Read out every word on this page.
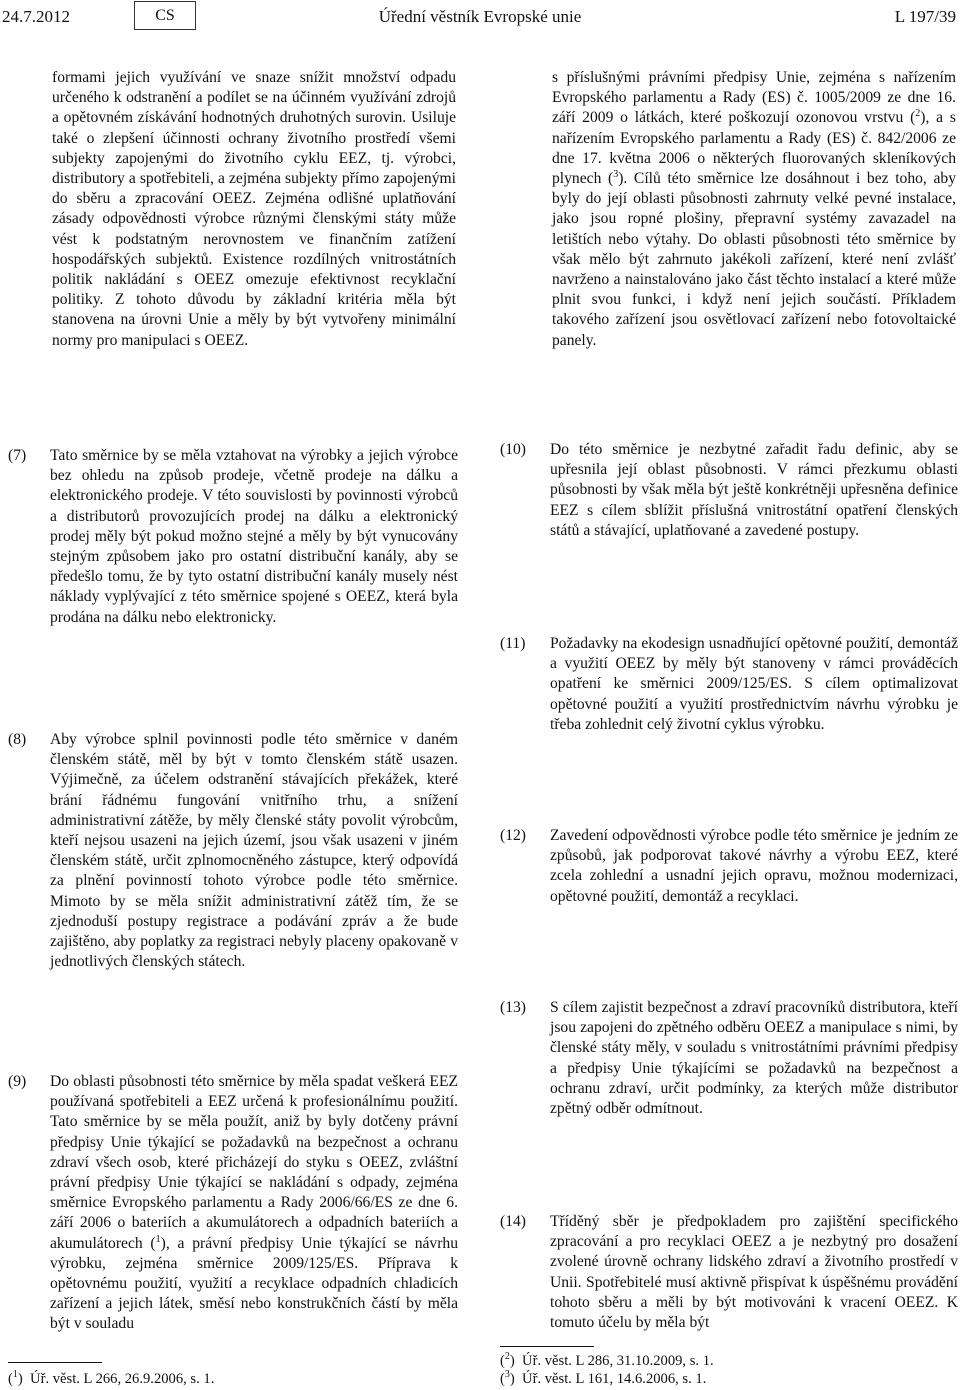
24.7.2012	CS	Úřední věstník Evropské unie	L 197/39

formami jejich využívání ve snaze snížit množství odpadu určeného k odstranění a podílet se na účinném využívání zdrojů a opětovném získávání hodnotných druhotných surovin. Usiluje také o zlepšení účinnosti ochrany životního prostředí všemi subjekty zapojenými do životního cyklu EEZ, tj. výrobci, distributory a spotřebiteli, a zejména subjekty přímo zapojenými do sběru a zpracování OEEZ. Zejména odlišné uplatňování zásady odpovědnosti výrobce různými členskými státy může vést k podstatným nerovnostem ve finančním zatížení hospodářských subjektů. Existence rozdílných vnitrostátních politik nakládání s OEEZ omezuje efektivnost recyklační politiky. Z tohoto důvodu by základní kritéria měla být stanovena na úrovni Unie a měly by být vytvořeny minimální normy pro manipulaci s OEEZ.

s příslušnými právními předpisy Unie, zejména s nařízením Evropského parlamentu a Rady (ES) č. 1005/2009 ze dne 16. září 2009 o látkách, které poškozují ozonovou vrstvu ($^2$), a s nařízením Evropského parlamentu a Rady (ES) č. 842/2006 ze dne 17. května 2006 o některých fluorovaných skleníkových plynech ($^3$). Cílů této směrnice lze dosáhnout i bez toho, aby byly do její oblasti působnosti zahrnuty velké pevné instalace, jako jsou ropné plošiny, přepravní systémy zavazadel na letištích nebo výtahy. Do oblasti působnosti této směrnice by však mělo být zahrnuto jakékoli zařízení, které není zvlášť navrženo a nainstalováno jako část těchto instalací a které může plnit svou funkci, i když není jejich součástí. Příkladem takového zařízení jsou osvětlovací zařízení nebo fotovoltaické panely.

(7) Tato směrnice by se měla vztahovat na výrobky a jejich výrobce bez ohledu na způsob prodeje, včetně prodeje na dálku a elektronického prodeje. V této souvislosti by povinnosti výrobců a distributorů provozujících prodej na dálku a elektronický prodej měly být pokud možno stejné a měly by být vynucovány stejným způsobem jako pro ostatní distribuční kanály, aby se předešlo tomu, že by tyto ostatní distribuční kanály musely nést náklady vyplývající z této směrnice spojené s OEEZ, která byla prodána na dálku nebo elektronicky.
(8) Aby výrobce splnil povinnosti podle této směrnice v daném členském státě, měl by být v tomto členském státě usazen. Výjimečně, za účelem odstranění stávajících překážek, které brání řádnému fungování vnitřního trhu, a snížení administrativní zátěže, by měly členské státy povolit výrobcům, kteří nejsou usazeni na jejich území, jsou však usazeni v jiném členském státě, určit zplnomocněného zástupce, který odpovídá za plnění povinností tohoto výrobce podle této směrnice. Mimoto by se měla snížit administrativní zátěž tím, že se zjednoduší postupy registrace a podávání zpráv a že bude zajištěno, aby poplatky za registraci nebyly placeny opakovaně v jednotlivých členských státech.
(9) Do oblasti působnosti této směrnice by měla spadat veškerá EEZ používaná spotřebiteli a EEZ určená k profesionálnímu použití. Tato směrnice by se měla použít, aniž by byly dotčeny právní předpisy Unie týkající se požadavků na bezpečnost a ochranu zdraví všech osob, které přicházejí do styku s OEEZ, zvláštní právní předpisy Unie týkající se nakládání s odpady, zejména směrnice Evropského parlamentu a Rady 2006/66/ES ze dne 6. září 2006 o bateriích a akumulátorech a odpadních bateriích a akumulátorech ($^1$), a právní předpisy Unie týkající se návrhu výrobku, zejména směrnice 2009/125/ES. Příprava k opětovnému použití, využití a recyklace odpadních chladicích zařízení a jejich látek, směsí nebo konstrukčních částí by měla být v souladu
(10) Do této směrnice je nezbytné zařadit řadu definic, aby se upřesnila její oblast působnosti. V rámci přezkumu oblasti působnosti by však měla být ještě konkrétněji upřesněna definice EEZ s cílem sblížit příslušná vnitrostátní opatření členských států a stávající, uplatňované a zavedené postupy.
(11) Požadavky na ekodesign usnadňující opětovné použití, demontáž a využití OEEZ by měly být stanoveny v rámci prováděcích opatření ke směrnici 2009/125/ES. S cílem optimalizovat opětovné použití a využití prostřednictvím návrhu výrobku je třeba zohlednit celý životní cyklus výrobku.
(12) Zavedení odpovědnosti výrobce podle této směrnice je jedním ze způsobů, jak podporovat takové návrhy a výrobu EEZ, které zcela zohlední a usnadní jejich opravu, možnou modernizaci, opětovné použití, demontáž a recyklaci.
(13) S cílem zajistit bezpečnost a zdraví pracovníků distributora, kteří jsou zapojeni do zpětného odběru OEEZ a manipulace s nimi, by členské státy měly, v souladu s vnitrostátními právními předpisy a předpisy Unie týkajícími se požadavků na bezpečnost a ochranu zdraví, určit podmínky, za kterých může distributor zpětný odběr odmítnout.
(14) Tříděný sběr je předpokladem pro zajištění specifického zpracování a pro recyklaci OEEZ a je nezbytný pro dosažení zvolené úrovně ochrany lidského zdraví a životního prostředí v Unii. Spotřebitelé musí aktivně přispívat k úspěšnému provádění tohoto sběru a měli by být motivováni k vracení OEEZ. K tomuto účelu by měla být
($^1$)  Úř. věst. L 266, 26.9.2006, s. 1.
($^2$)  Úř. věst. L 286, 31.10.2009, s. 1.
($^3$)  Úř. věst. L 161, 14.6.2006, s. 1.
